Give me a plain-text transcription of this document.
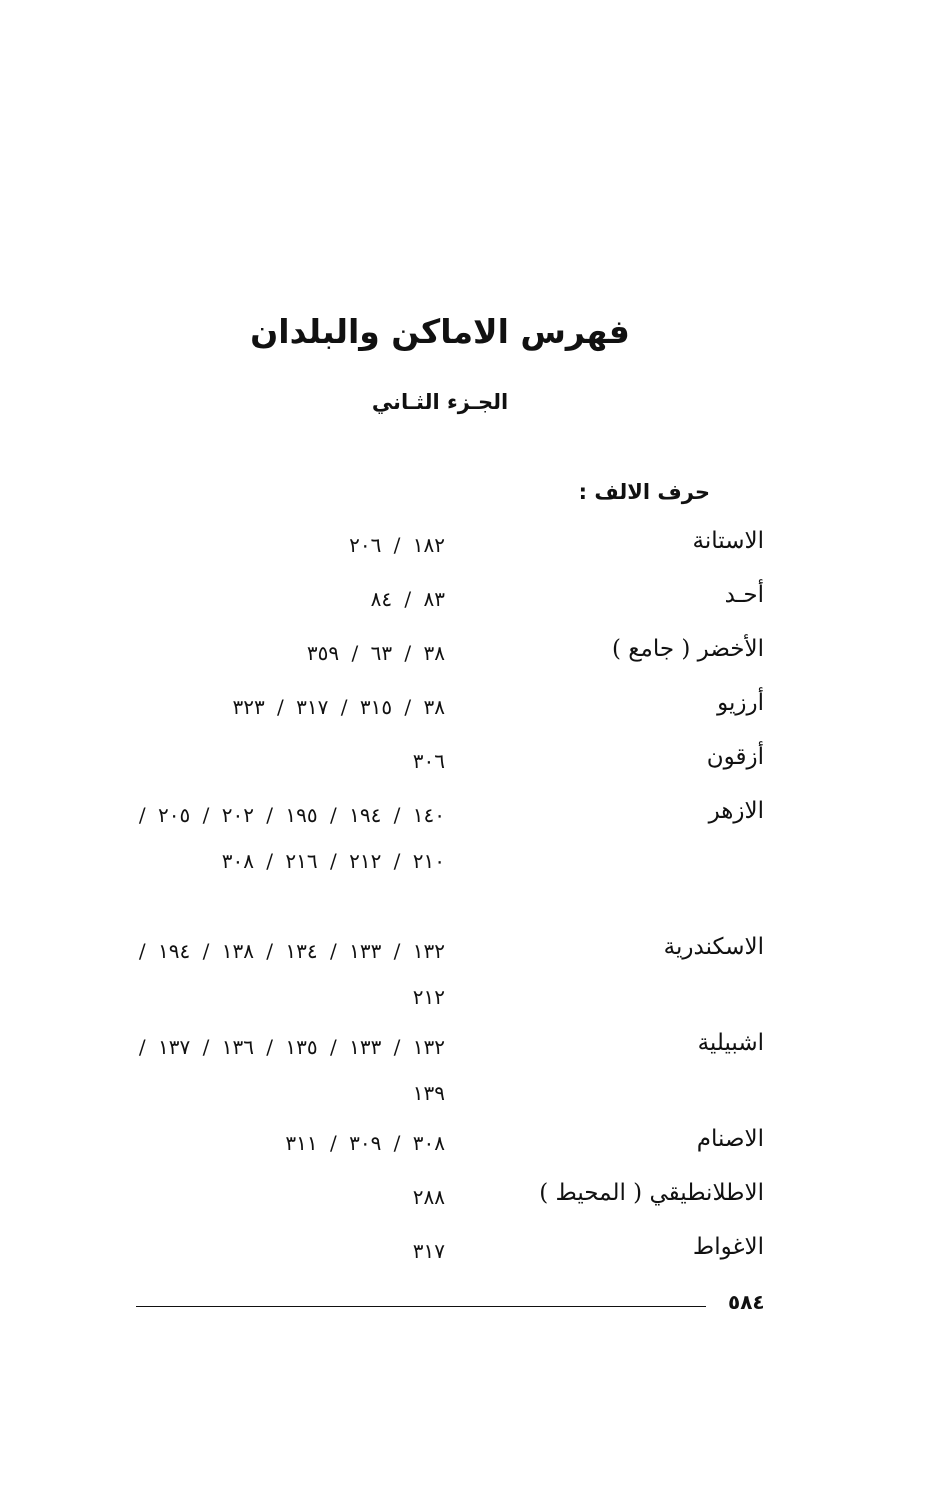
فهرس الاماكن والبلدان
الجـزء الثـاني
حرف الالف :
الاستانة
١٨٢ / ٢٠٦
أحـد
٨٣ / ٨٤
الأخضر ( جامع )
٣٨ / ٦٣ / ٣٥٩
أرزيو
٣٨ / ٣١٥ / ٣١٧ / ٣٢٣
أزقون
٣٠٦
الازهر
١٤٠ / ١٩٤ / ١٩٥ / ٢٠٢ / ٢٠٥ / ٢١٠ / ٢١٢ / ٢١٦ / ٣٠٨
الاسكندرية
١٣٢ / ١٣٣ / ١٣٤ / ١٣٨ / ١٩٤ / ٢١٢
اشبيلية
١٣٢ / ١٣٣ / ١٣٥ / ١٣٦ / ١٣٧ / ١٣٩
الاصنام
٣٠٨ / ٣٠٩ / ٣١١
الاطلانطيقي ( المحيط )
٢٨٨
الاغواط
٣١٧
٥٨٤
